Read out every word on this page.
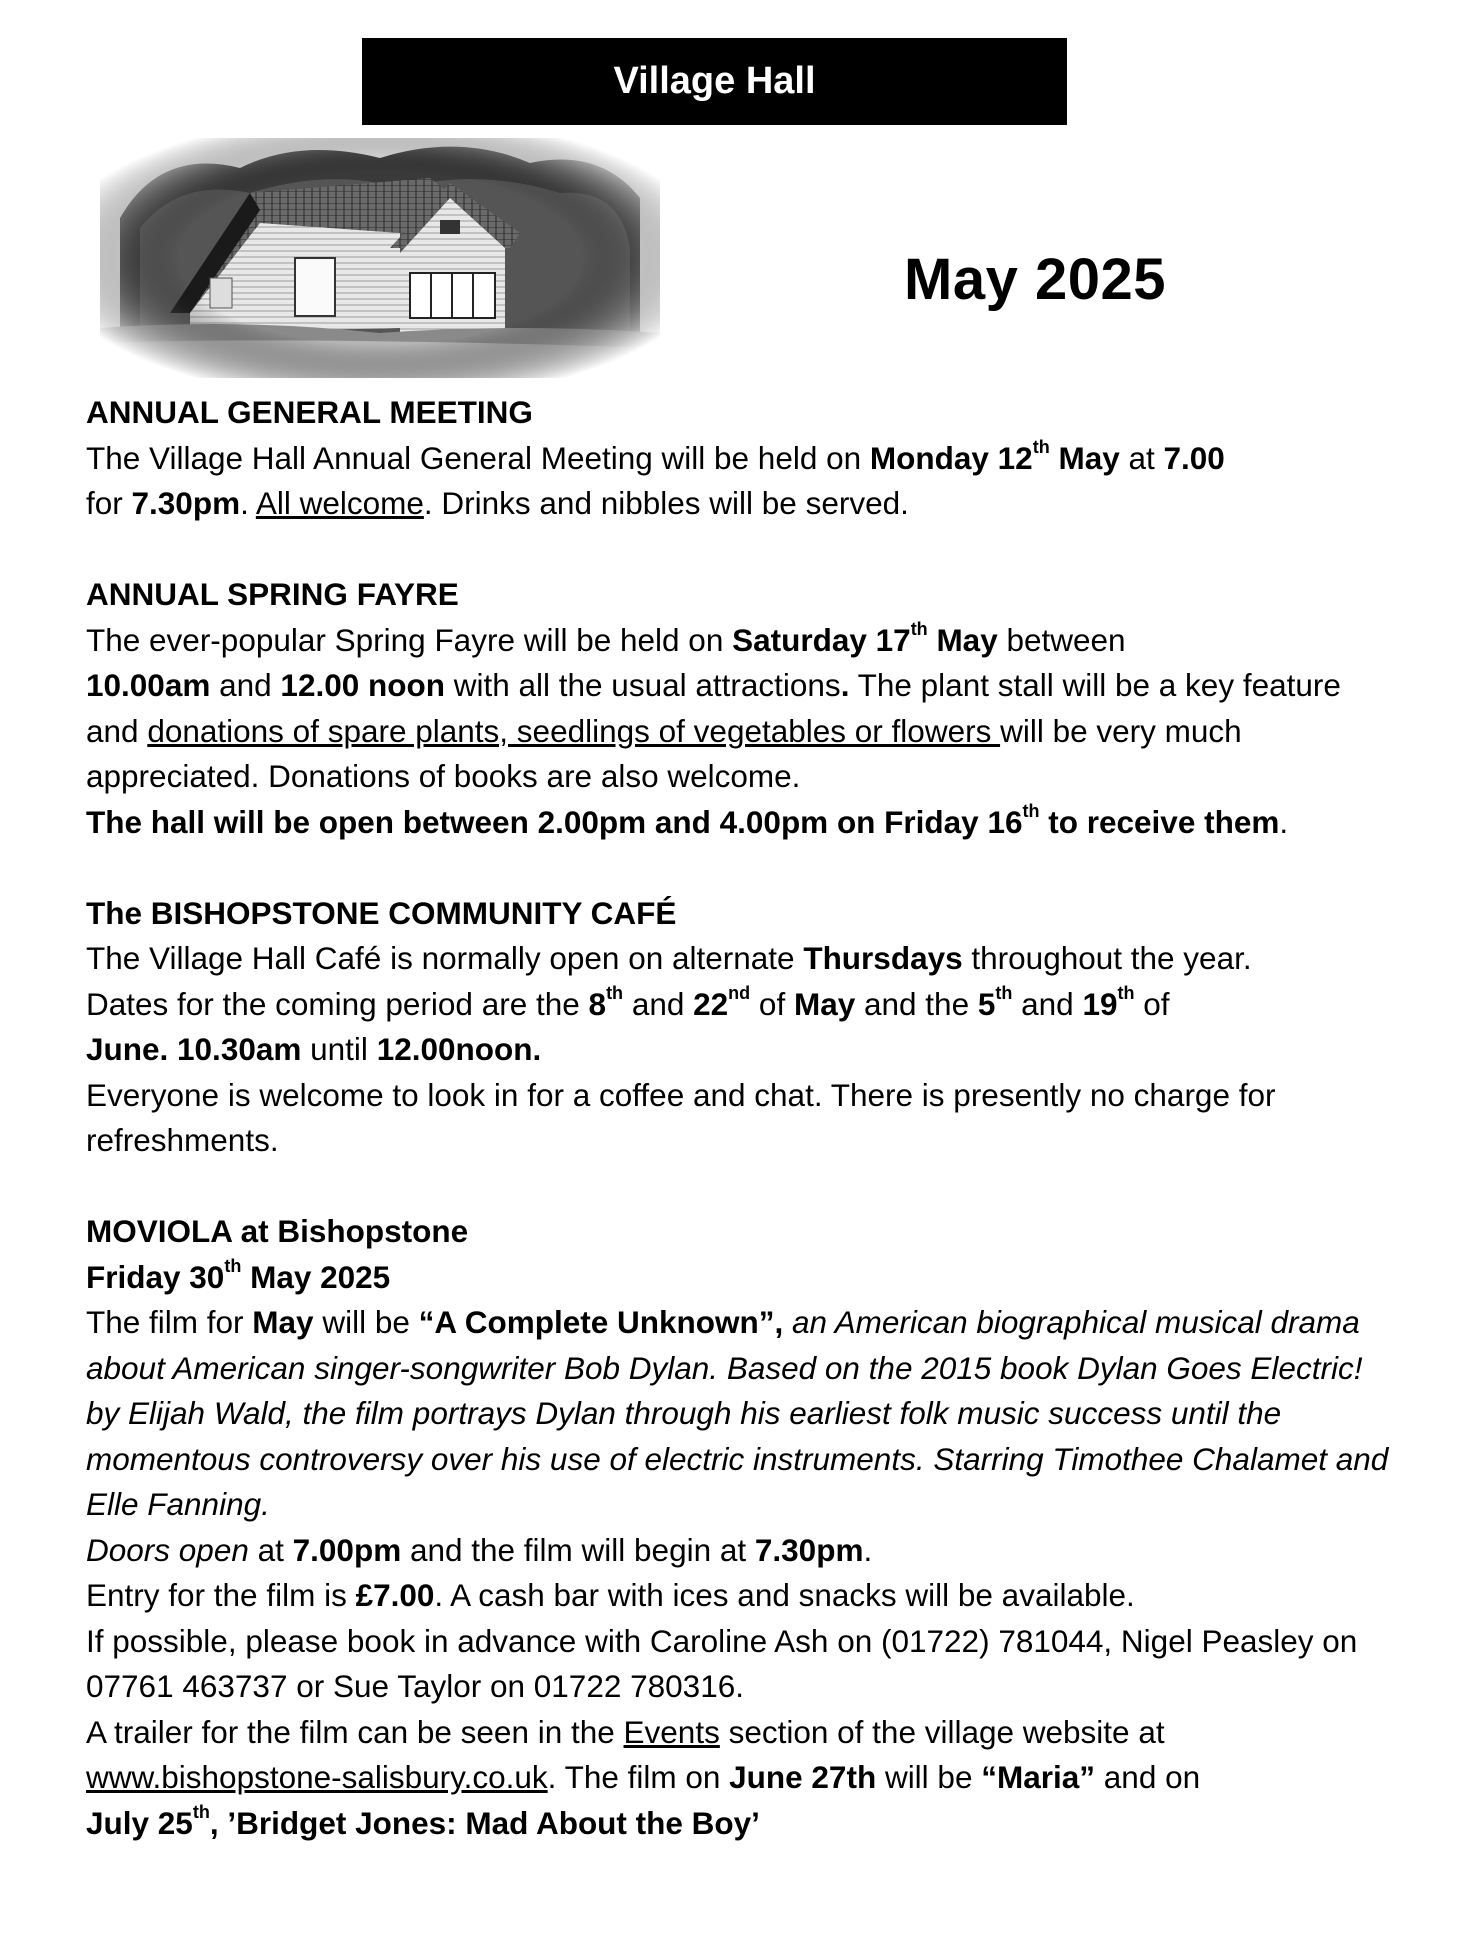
Village Hall
May 2025

ANNUAL GENERAL MEETING

The Village Hall Annual General Meeting will be held on Monday 12th May at 7.00
for 7.30pm. All welcome. Drinks and nibbles will be served.

ANNUAL SPRING FAYRE

The ever-popular Spring Fayre will be held on Saturday 17th May between
10.00am and 12.00 noon with all the usual attractions. The plant stall will be a key feature and donations of spare plants, seedlings of vegetables or flowers will be very much appreciated. Donations of books are also welcome.

The hall will be open between 2.00pm and 4.00pm on Friday 16th to receive them.

The BISHOPSTONE COMMUNITY CAFÉ

The Village Hall Café is normally open on alternate Thursdays throughout the year.

Dates for the coming period are the 8th and 22nd of May and the 5th and 19th of
June. 10.30am until 12.00noon.

Everyone is welcome to look in for a coffee and chat. There is presently no charge for refreshments.

MOVIOLA at Bishopstone

Friday 30th May 2025

The film for May will be “A Complete Unknown”, an American biographical musical drama about American singer-songwriter Bob Dylan. Based on the 2015 book Dylan Goes Electric! by Elijah Wald, the film portrays Dylan through his earliest folk music success until the momentous controversy over his use of electric instruments. Starring Timothee Chalamet and Elle Fanning.

Doors open at 7.00pm and the film will begin at 7.30pm.

Entry for the film is £7.00. A cash bar with ices and snacks will be available.

If possible, please book in advance with Caroline Ash on (01722) 781044, Nigel Peasley on 07761 463737 or Sue Taylor on 01722 780316.

A trailer for the film can be seen in the Events section of the village website at
www.bishopstone-salisbury.co.uk. The film on June 27th will be “Maria” and on
July 25th, ’Bridget Jones: Mad About the Boy’
